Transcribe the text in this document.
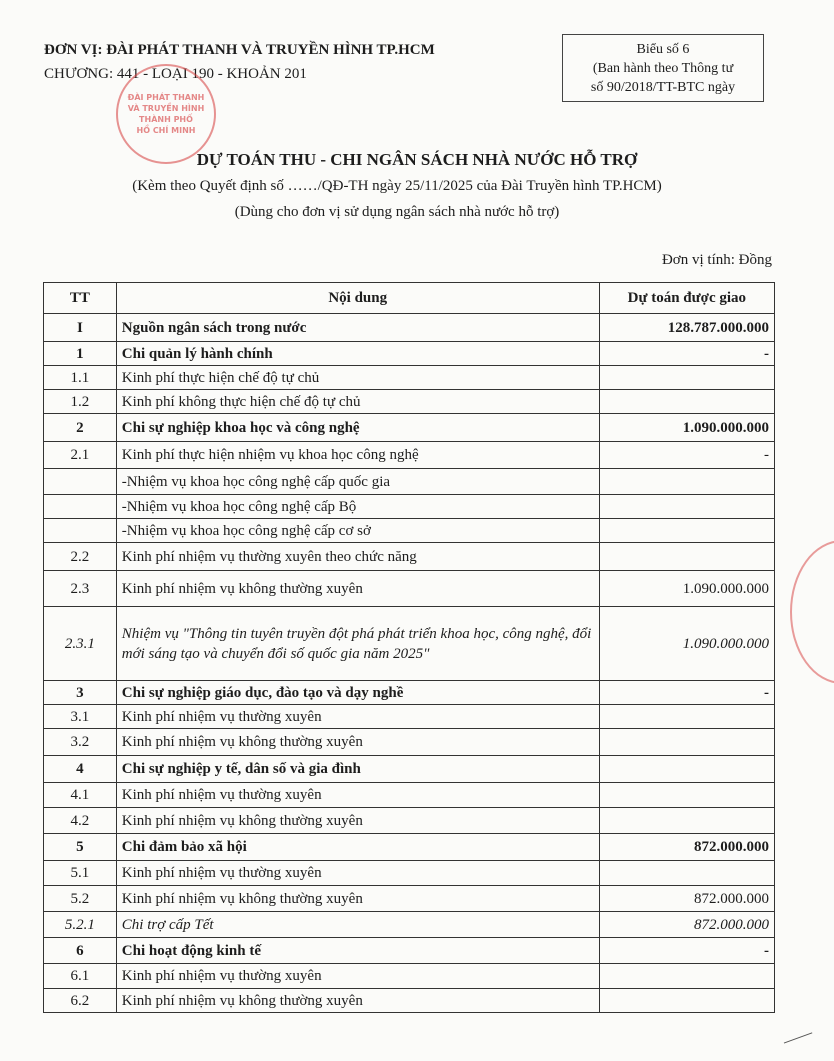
ĐƠN VỊ: ĐÀI PHÁT THANH VÀ TRUYỀN HÌNH TP.HCM
CHƯƠNG: 441 - LOẠI 190 - KHOẢN 201
ĐÀI PHÁT THANH
VÀ TRUYỀN HÌNH
THÀNH PHỐ
HỒ CHÍ MINH
Biểu số 6
(Ban hành theo Thông tư
số 90/2018/TT-BTC ngày
DỰ TOÁN THU - CHI NGÂN SÁCH NHÀ NƯỚC HỖ TRỢ
(Kèm theo Quyết định số ……/QĐ-TH ngày 25/11/2025 của Đài Truyền hình TP.HCM)
(Dùng cho đơn vị sử dụng ngân sách nhà nước hỗ trợ)
Đơn vị tính: Đồng
TT	Nội dung	Dự toán được giao
I	Nguồn ngân sách trong nước	128.787.000.000
1	Chi quản lý hành chính	-
1.1	Kinh phí thực hiện chế độ tự chủ	
1.2	Kinh phí không thực hiện chế độ tự chủ	
2	Chi sự nghiệp khoa học và công nghệ	1.090.000.000
2.1	Kinh phí thực hiện nhiệm vụ khoa học công nghệ	-
	-Nhiệm vụ khoa học công nghệ cấp quốc gia	
	-Nhiệm vụ khoa học công nghệ cấp Bộ	
	-Nhiệm vụ khoa học công nghệ cấp cơ sở	
2.2	Kinh phí nhiệm vụ thường xuyên theo chức năng	
2.3	Kinh phí nhiệm vụ không thường xuyên	1.090.000.000
2.3.1	Nhiệm vụ "Thông tin tuyên truyền đột phá phát triển khoa học, công nghệ, đổi mới sáng tạo và chuyển đổi số quốc gia năm 2025"	1.090.000.000
3	Chi sự nghiệp giáo dục, đào tạo và dạy nghề	-
3.1	Kinh phí nhiệm vụ thường xuyên	
3.2	Kinh phí nhiệm vụ không thường xuyên	
4	Chi sự nghiệp y tế, dân số và gia đình	
4.1	Kinh phí nhiệm vụ thường xuyên	
4.2	Kinh phí nhiệm vụ không thường xuyên	
5	Chi đảm bảo xã hội	872.000.000
5.1	Kinh phí nhiệm vụ thường xuyên	
5.2	Kinh phí nhiệm vụ không thường xuyên	872.000.000
5.2.1	Chi trợ cấp Tết	872.000.000
6	Chi hoạt động kinh tế	-
6.1	Kinh phí nhiệm vụ thường xuyên	
6.2	Kinh phí nhiệm vụ không thường xuyên	
